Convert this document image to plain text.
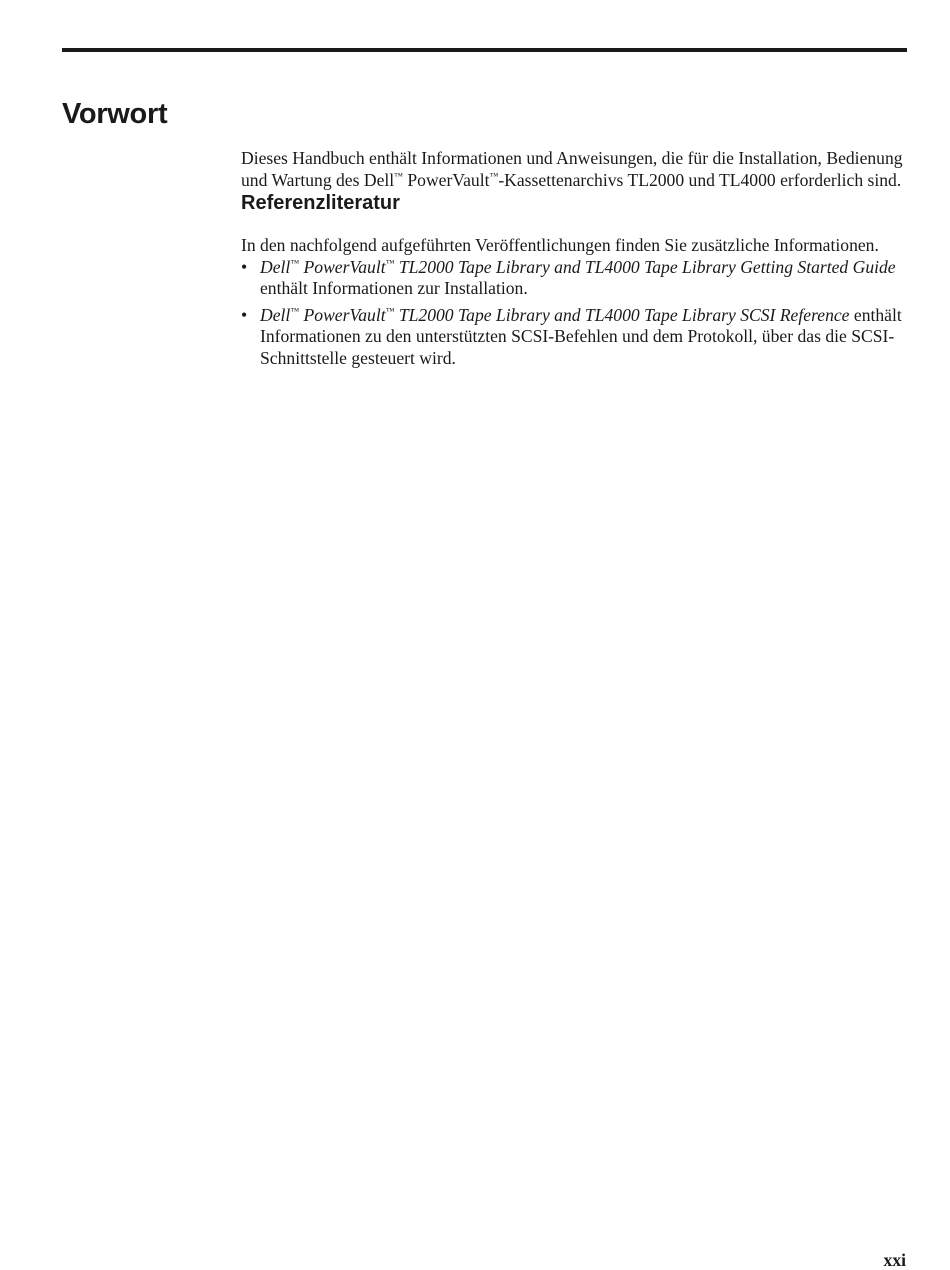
Vorwort

Dieses Handbuch enthält Informationen und Anweisungen, die für die Installation, Bedienung und Wartung des Dell™ PowerVault™-Kassettenarchivs TL2000 und TL4000 erforderlich sind.

Referenzliteratur

In den nachfolgend aufgeführten Veröffentlichungen finden Sie zusätzliche Informationen.

• Dell™ PowerVault™ TL2000 Tape Library and TL4000 Tape Library Getting Started Guide enthält Informationen zur Installation.
• Dell™ PowerVault™ TL2000 Tape Library and TL4000 Tape Library SCSI Reference enthält Informationen zu den unterstützten SCSI-Befehlen und dem Protokoll, über das die SCSI-Schnittstelle gesteuert wird.
xxi
